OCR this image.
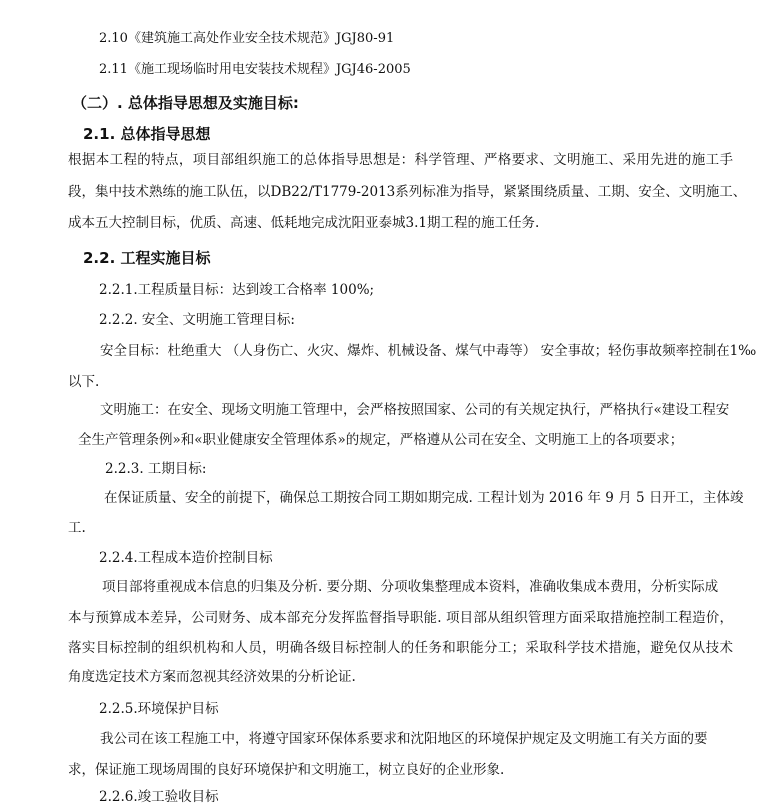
2.10《建筑施工高处作业安全技术规范》JGJ80-91
2.11《施工现场临时用电安装技术规程》JGJ46-2005
（二）. 总体指导思想及实施目标:
2.1. 总体指导思想
根据本工程的特点，项目部组织施工的总体指导思想是：科学管理、严格要求、文明施工、采用先进的施工手
段，集中技术熟练的施工队伍，以DB22/T1779-2013系列标准为指导，紧紧围绕质量、工期、安全、文明施工、
成本五大控制目标，优质、高速、低耗地完成沈阳亚泰城3.1期工程的施工任务.
2.2. 工程实施目标
2.2.1.工程质量目标：达到竣工合格率 100%;
2.2.2. 安全、文明施工管理目标:
安全目标：杜绝重大 （人身伤亡、火灾、爆炸、机械设备、煤气中毒等） 安全事故；轻伤事故频率控制在1‰
以下.
文明施工：在安全、现场文明施工管理中，会严格按照国家、公司的有关规定执行，严格执行«建设工程安
全生产管理条例»和«职业健康安全管理体系»的规定，严格遵从公司在安全、文明施工上的各项要求；
2.2.3. 工期目标:
在保证质量、安全的前提下，确保总工期按合同工期如期完成. 工程计划为 2016 年 9 月 5 日开工，主体竣
工.
2.2.4.工程成本造价控制目标
项目部将重视成本信息的归集及分析. 要分期、分项收集整理成本资料，准确收集成本费用，分析实际成
本与预算成本差异，公司财务、成本部充分发挥监督指导职能. 项目部从组织管理方面采取措施控制工程造价，
落实目标控制的组织机构和人员，明确各级目标控制人的任务和职能分工；采取科学技术措施，避免仅从技术
角度选定技术方案而忽视其经济效果的分析论证.
2.2.5.环境保护目标
我公司在该工程施工中，将遵守国家环保体系要求和沈阳地区的环境保护规定及文明施工有关方面的要
求，保证施工现场周围的良好环境保护和文明施工，树立良好的企业形象.
2.2.6.竣工验收目标
